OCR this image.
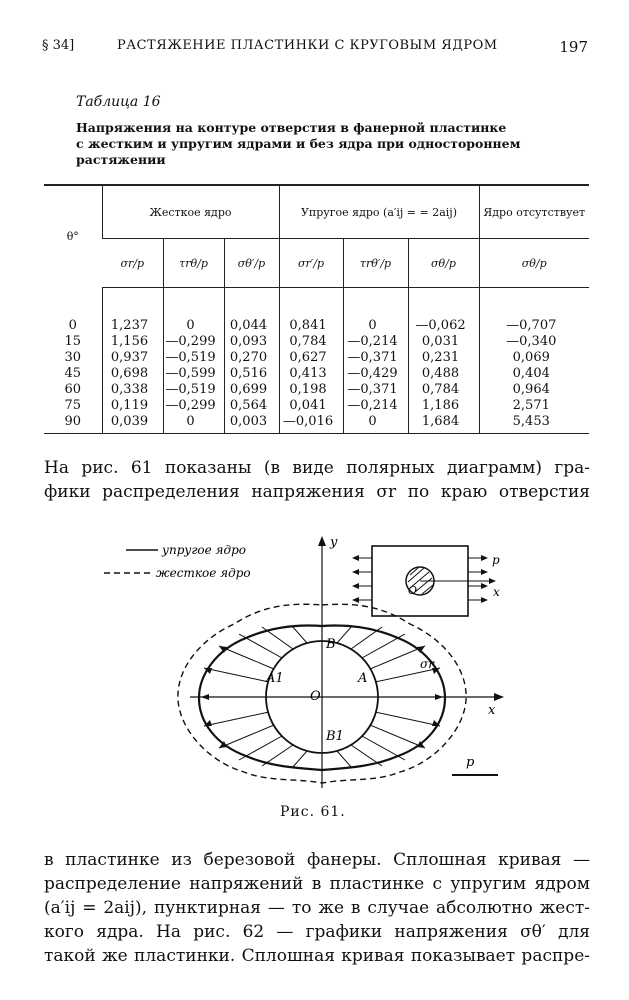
§ 34]	РАСТЯЖЕНИЕ ПЛАСТИНКИ С КРУГОВЫМ ЯДРОМ	197
Таблица 16
Напряжения на контуре отверстия в фанерной пластинке
с жестким и упругим ядрами и без ядра при одностороннем
растяжении
θ°	Жесткое ядро			Упругое ядро (a′ij = = 2aij)			Ядро отсутствует
	σr/p	τrθ/p	σθ′/p	σr′/p	τrθ′/p	σθ/p	σθ/p
0	1,237	0	0,044	0,841	0	—0,062	—0,707
15	1,156	—0,299	0,093	0,784	—0,214	0,031	—0,340
30	0,937	—0,519	0,270	0,627	—0,371	0,231	0,069
45	0,698	—0,599	0,516	0,413	—0,429	0,488	0,404
60	0,338	—0,519	0,699	0,198	—0,371	0,784	0,964
75	0,119	—0,299	0,564	0,041	—0,214	1,186	2,571
90	0,039	0	0,003	—0,016	0	1,684	5,453
На рис. 61 показаны (в виде полярных диаграмм) гра-
фики распределения напряжения σr по краю отверстия
упругое ядро
жесткое ядро
y
x
B
B1
A
A1
O
σr
p
x
O
p
Рис. 61.
в пластинке из березовой фанеры. Сплошная кривая —
распределение напряжений в пластинке с упругим ядром
(a′ij = 2aij), пунктирная — то же в случае абсолютно жест-
кого ядра. На рис. 62 — графики напряжения σθ′ для
такой же пластинки. Сплошная кривая показывает распре-
